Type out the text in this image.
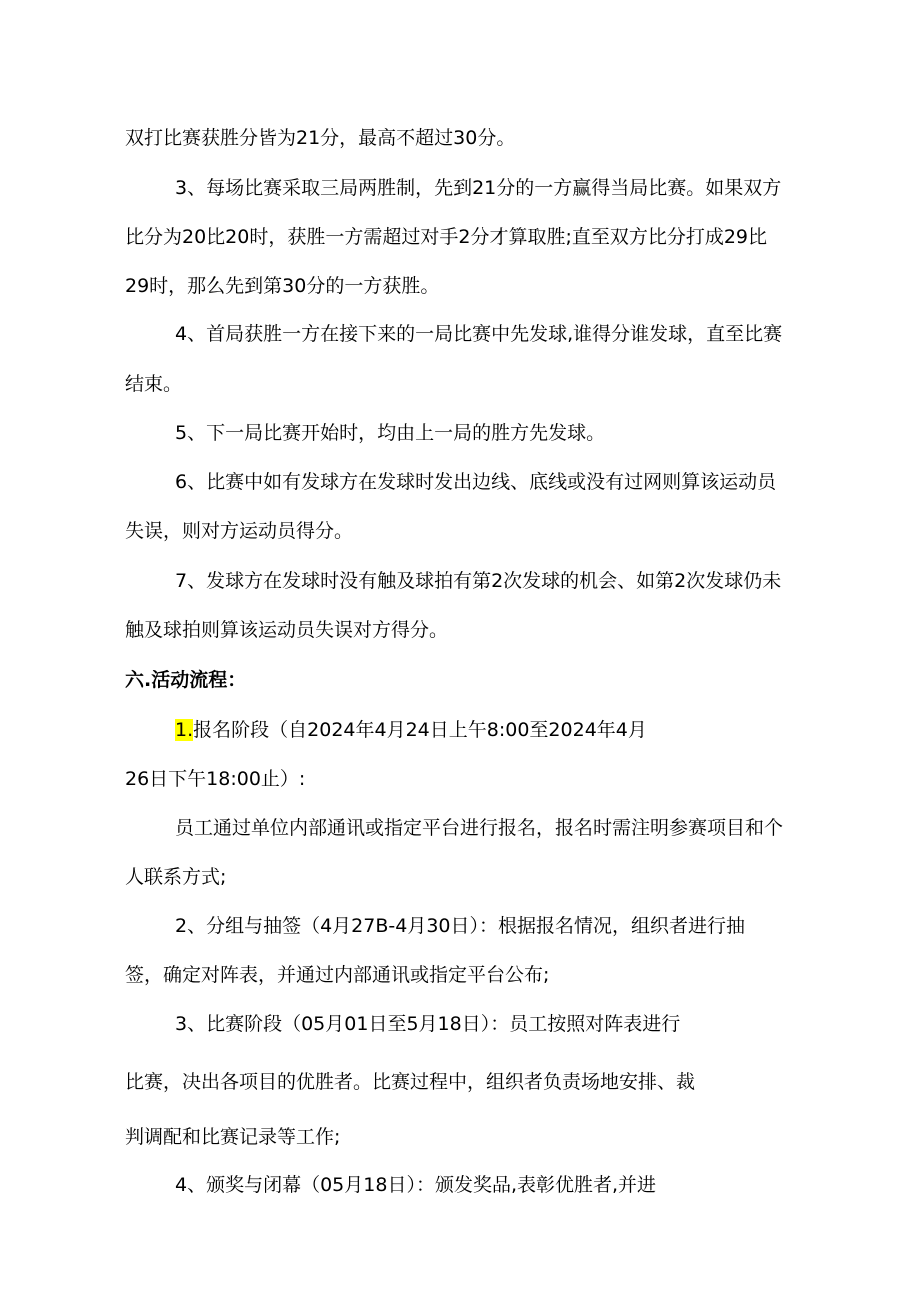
双打比赛获胜分皆为21分，最高不超过30分。
3、每场比赛采取三局两胜制，先到21分的一方赢得当局比赛。如果双方
比分为20比20时，获胜一方需超过对手2分才算取胜;直至双方比分打成29比
29时，那么先到第30分的一方获胜。
4、首局获胜一方在接下来的一局比赛中先发球,谁得分谁发球，直至比赛
结束。
5、下一局比赛开始时，均由上一局的胜方先发球。
6、比赛中如有发球方在发球时发出边线、底线或没有过网则算该运动员
失误，则对方运动员得分。
7、发球方在发球时没有触及球拍有第2次发球的机会、如第2次发球仍未
触及球拍则算该运动员失误对方得分。
六.活动流程：
1.报名阶段（自2024年4月24日上午8:00至2024年4月
26日下午18:00止）:
员工通过单位内部通讯或指定平台进行报名，报名时需注明参赛项目和个
人联系方式;
2、分组与抽签（4月27B-4月30日）：根据报名情况，组织者进行抽
签，确定对阵表，并通过内部通讯或指定平台公布;
3、比赛阶段（05月01日至5月18日）：员工按照对阵表进行
比赛，决出各项目的优胜者。比赛过程中，组织者负责场地安排、裁
判调配和比赛记录等工作;
4、颁奖与闭幕（05月18日）：颁发奖品,表彰优胜者,并进
